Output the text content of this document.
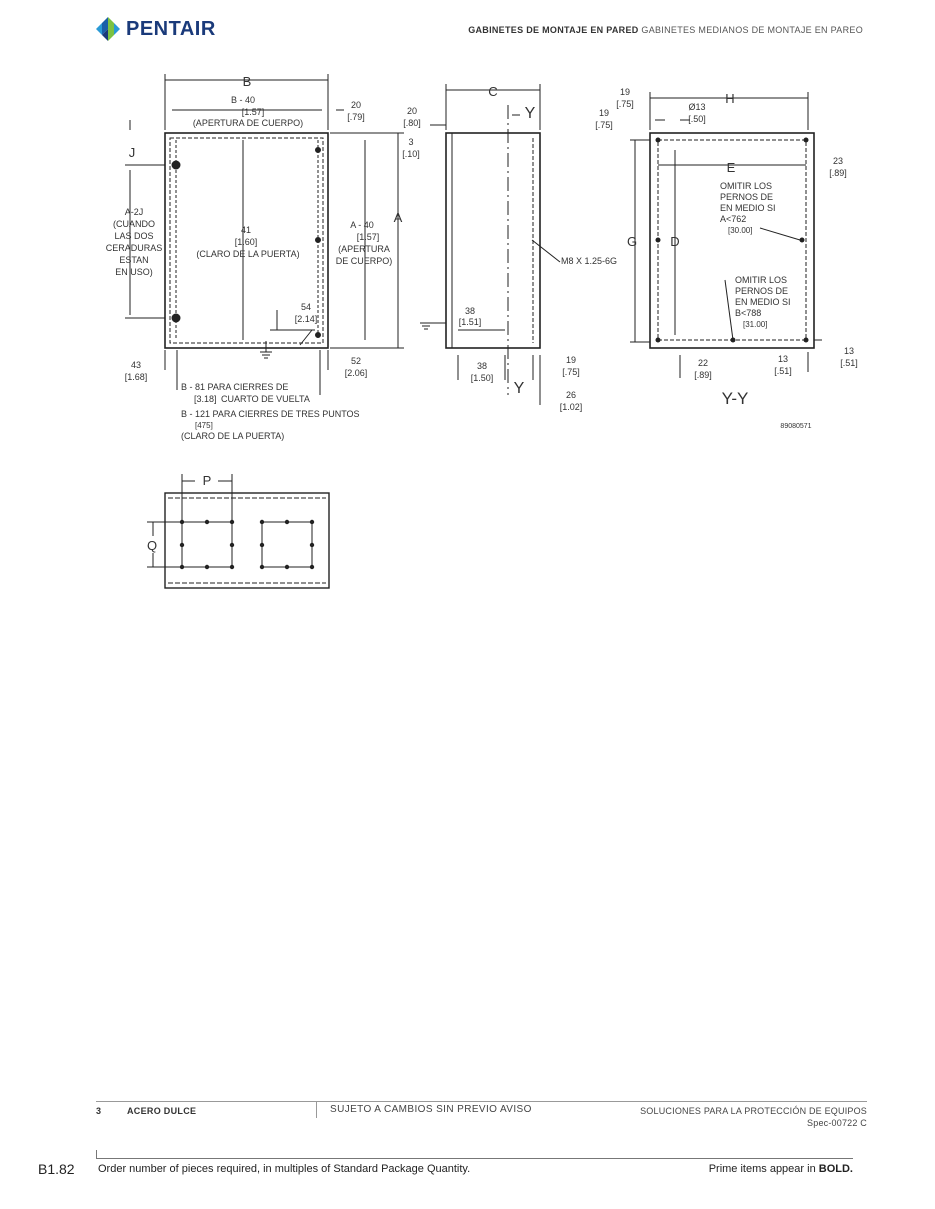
PENTAIR	GABINETES DE MONTAJE EN PARED GABINETES MEDIANOS DE MONTAJE EN PAREO
B
B - 40
[1.57]
(APERTURA DE CUERPO)
20
[.79]
3
[.10]
J
A-2J
(CUANDO
LAS DOS
CERADURAS
ESTAN
EN USO)
41
[1.60]
(CLARO DE LA PUERTA)
A - 40
[1.57]
(APERTURA
DE CUERPO)
A
54
[2.14]
43
[1.68]
52
[2.06]
B - 81 PARA CIERRES DE
[3.18] CUARTO DE VUELTA
B - 121 PARA CIERRES DE TRES PUNTOS
[475]
(CLARO DE LA PUERTA)
C
Y
20
[.80]
M8 X 1.25-6G
38
[1.51]
38
[1.50]
Y
19
[.75]
26
[1.02]
19
[.75]
19
[.75]
H
Ø13
[.50]
23
[.89]
E
OMITIR LOS
PERNOS DE
EN MEDIO SI
A<762
[30.00]
G	D
OMITIR LOS
PERNOS DE
EN MEDIO SI
B<788
[31.00]
22
[.89]
13
[.51]
13
[.51]
Y-Y
89080571
P
Q
3	ACERO DULCE	SUJETO A CAMBIOS SIN PREVIO AVISO	SOLUCIONES PARA LA PROTECCIÓN DE EQUIPOS
Spec-00722 C
B1.82 Order number of pieces required, in multiples of Standard Package Quantity.	Prime items appear in BOLD.
